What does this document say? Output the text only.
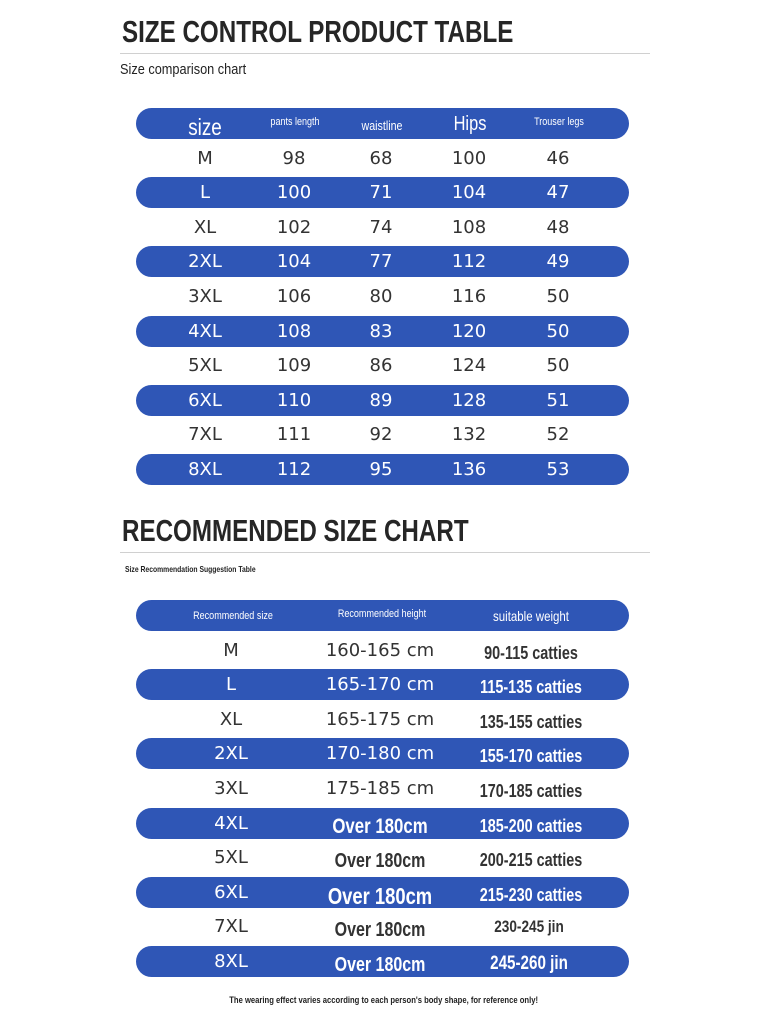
SIZE CONTROL PRODUCT TABLE

Size comparison chart

size	pants length	waistline	Hips	Trouser legs
M	98	68	100	46
L	100	71	104	47
XL	102	74	108	48
2XL	104	77	112	49
3XL	106	80	116	50
4XL	108	83	120	50
5XL	109	86	124	50
6XL	110	89	128	51
7XL	111	92	132	52
8XL	112	95	136	53
RECOMMENDED SIZE CHART

Size Recommendation Suggestion Table

Recommended size	Recommended height	suitable weight
M	160-165 cm	90-115 catties
L	165-170 cm	115-135 catties
XL	165-175 cm	135-155 catties
2XL	170-180 cm	155-170 catties
3XL	175-185 cm	170-185 catties
4XL	Over 180cm	185-200 catties
5XL	Over 180cm	200-215 catties
6XL	Over 180cm	215-230 catties
7XL	Over 180cm	230-245 jin
8XL	Over 180cm	245-260 jin
The wearing effect varies according to each person's body shape, for reference only!
